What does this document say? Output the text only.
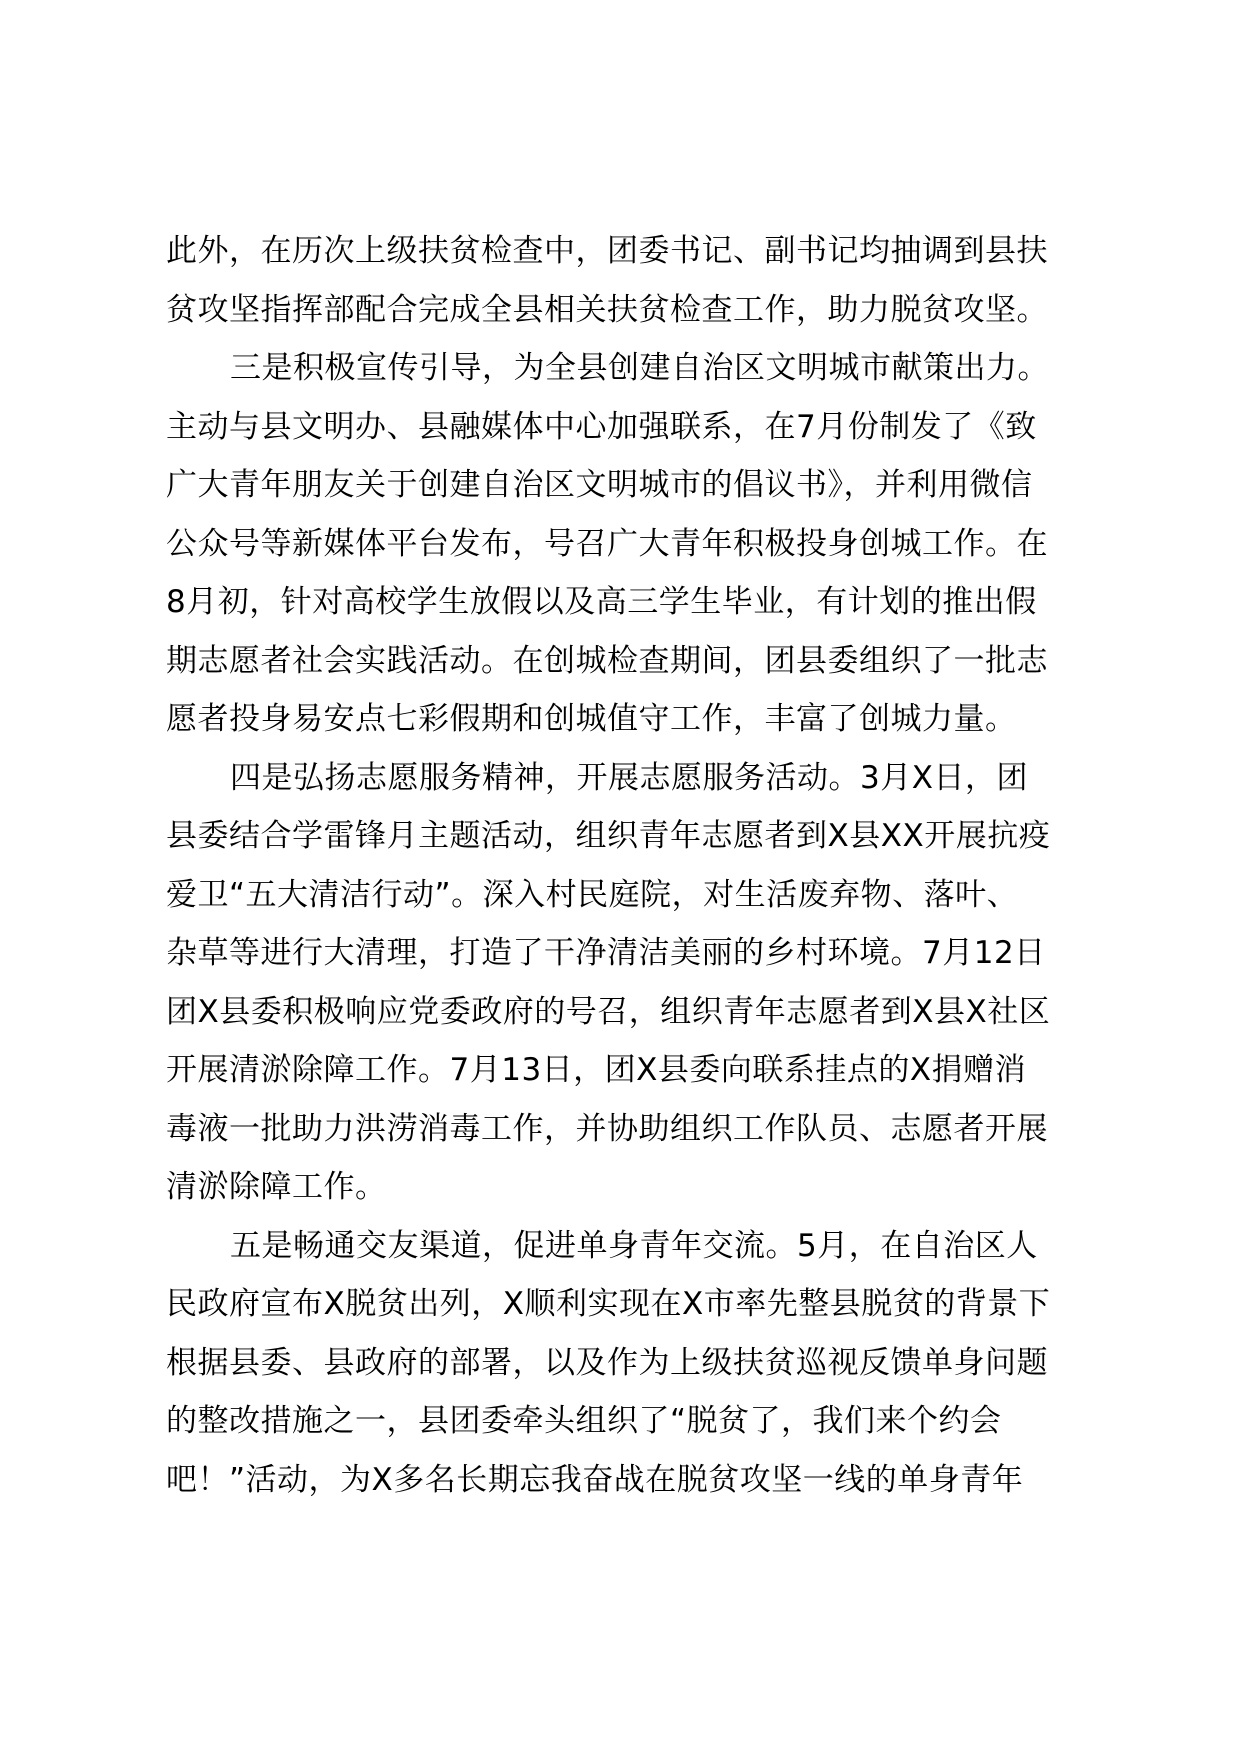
此外，在历次上级扶贫检查中，团委书记、副书记均抽调到县扶
贫攻坚指挥部配合完成全县相关扶贫检查工作，助力脱贫攻坚。
三是积极宣传引导，为全县创建自治区文明城市献策出力。
主动与县文明办、县融媒体中心加强联系，在7月份制发了《致
广大青年朋友关于创建自治区文明城市的倡议书》，并利用微信
公众号等新媒体平台发布，号召广大青年积极投身创城工作。在
8月初，针对高校学生放假以及高三学生毕业，有计划的推出假
期志愿者社会实践活动。在创城检查期间，团县委组织了一批志
愿者投身易安点七彩假期和创城值守工作，丰富了创城力量。
四是弘扬志愿服务精神，开展志愿服务活动。3月X日，团
县委结合学雷锋月主题活动，组织青年志愿者到X县XX开展抗疫
爱卫“五大清洁行动”。深入村民庭院，对生活废弃物、落叶、
杂草等进行大清理，打造了干净清洁美丽的乡村环境。7月12日
团X县委积极响应党委政府的号召，组织青年志愿者到X县X社区
开展清淤除障工作。7月13日，团X县委向联系挂点的X捐赠消
毒液一批助力洪涝消毒工作，并协助组织工作队员、志愿者开展
清淤除障工作。
五是畅通交友渠道，促进单身青年交流。5月，在自治区人
民政府宣布X脱贫出列，X顺利实现在X市率先整县脱贫的背景下
根据县委、县政府的部署，以及作为上级扶贫巡视反馈单身问题
的整改措施之一，县团委牵头组织了“脱贫了，我们来个约会
吧！”活动，为X多名长期忘我奋战在脱贫攻坚一线的单身青年
